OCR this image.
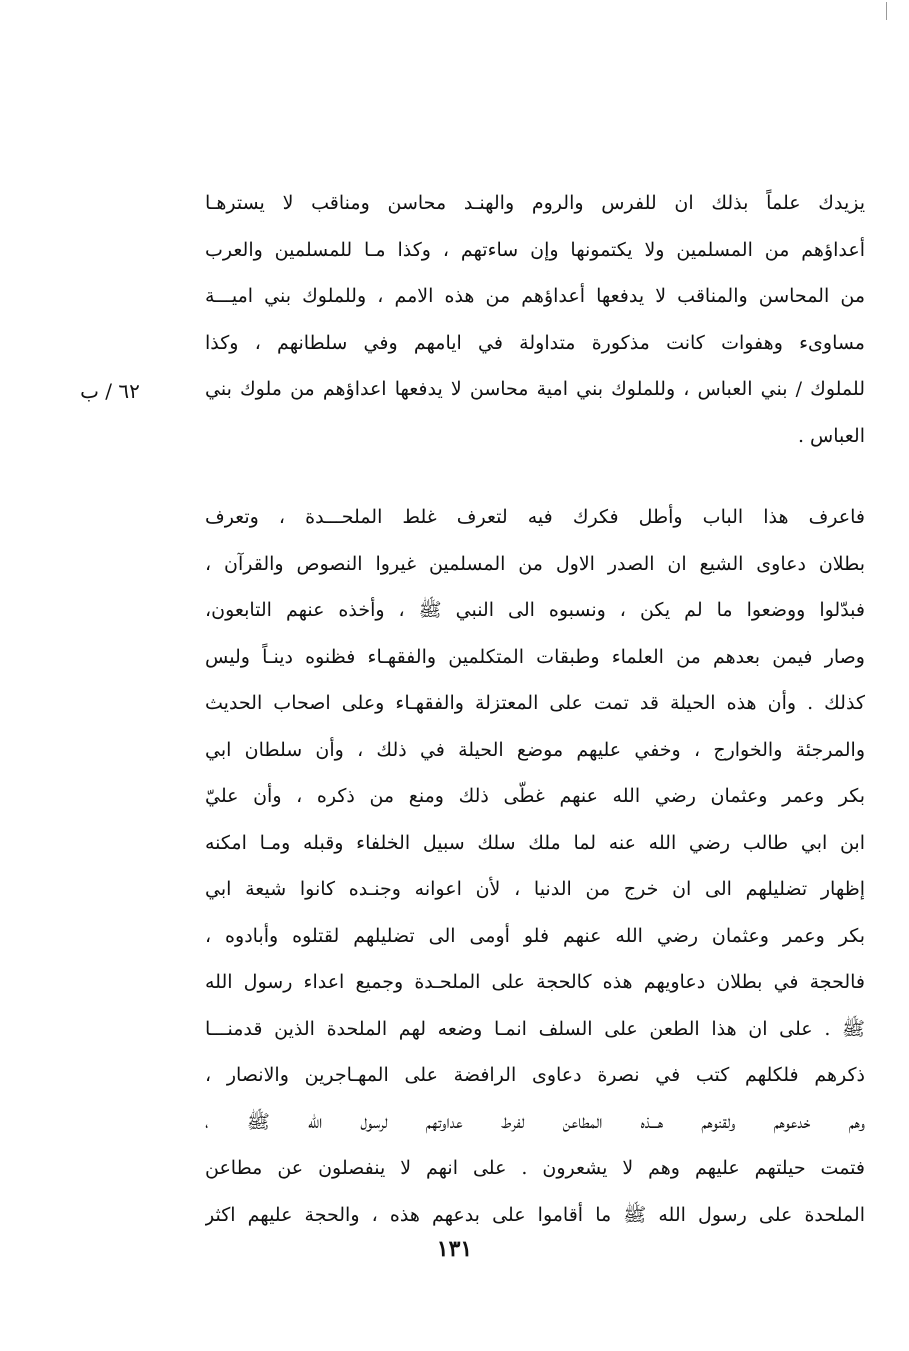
٦٢ / ب
يزيدك علماً بذلك ان للفرس والروم والهنـد محاسن ومناقب لا يسترهـا
أعداؤهم من المسلمين ولا يكتمونها وإن ساءتهم ، وكذا مـا للمسلمين والعرب
من المحاسن والمناقب لا يدفعها أعداؤهم من هذه الامم ، وللملوك بني اميـــة
مساوىء وهفوات كانت مذكورة متداولة في ايامهم وفي سلطانهم ، وكذا
للملوك / بني العباس ، وللملوك بني امية محاسن لا يدفعها اعداؤهم من ملوك بني
العباس .
فاعرف هذا الباب وأطل فكرك فيه لتعرف غلط الملحـــدة ، وتعرف
بطلان دعاوى الشيع ان الصدر الاول من المسلمين غيروا النصوص والقرآن ،
فبدّلوا ووضعوا ما لم يكن ، ونسبوه الى النبي ﷺ ، وأخذه عنهم التابعون،
وصار فيمن بعدهم من العلماء وطبقات المتكلمين والفقهـاء فظنوه دينـاً وليس
كذلك . وأن هذه الحيلة قد تمت على المعتزلة والفقهـاء وعلى اصحاب الحديث
والمرجئة والخوارج ، وخفي عليهم موضع الحيلة في ذلك ، وأن سلطان ابي
بكر وعمر وعثمان رضي الله عنهم غطّى ذلك ومنع من ذكره ، وأن عليّ
ابن ابي طالب رضي الله عنه لما ملك سلك سبيل الخلفاء وقبله ومـا امكنه
إظهار تضليلهم الى ان خرج من الدنيا ، لأن اعوانه وجنـده كانوا شيعة ابي
بكر وعمر وعثمان رضي الله عنهم فلو أومى الى تضليلهم لقتلوه وأبادوه ،
فالحجة في بطلان دعاويهم هذه كالحجة على الملحـدة وجميع اعداء رسول الله
ﷺ . على ان هذا الطعن على السلف انمـا وضعه لهم الملحدة الذين قدمنـــا
ذكرهم فلكلهم كتب في نصرة دعاوى الرافضة على المهـاجرين والانصار ،
وهم خدعوهم ولقنوهم هـــذه المطاعن لفرط عداوتهم لرسول الله ﷺ ،
فتمت حيلتهم عليهم وهم لا يشعرون . على انهم لا ينفصلون عن مطاعن
الملحدة على رسول الله ﷺ ما أقاموا على بدعهم هذه ، والحجة عليهم اكثر
١٣١
